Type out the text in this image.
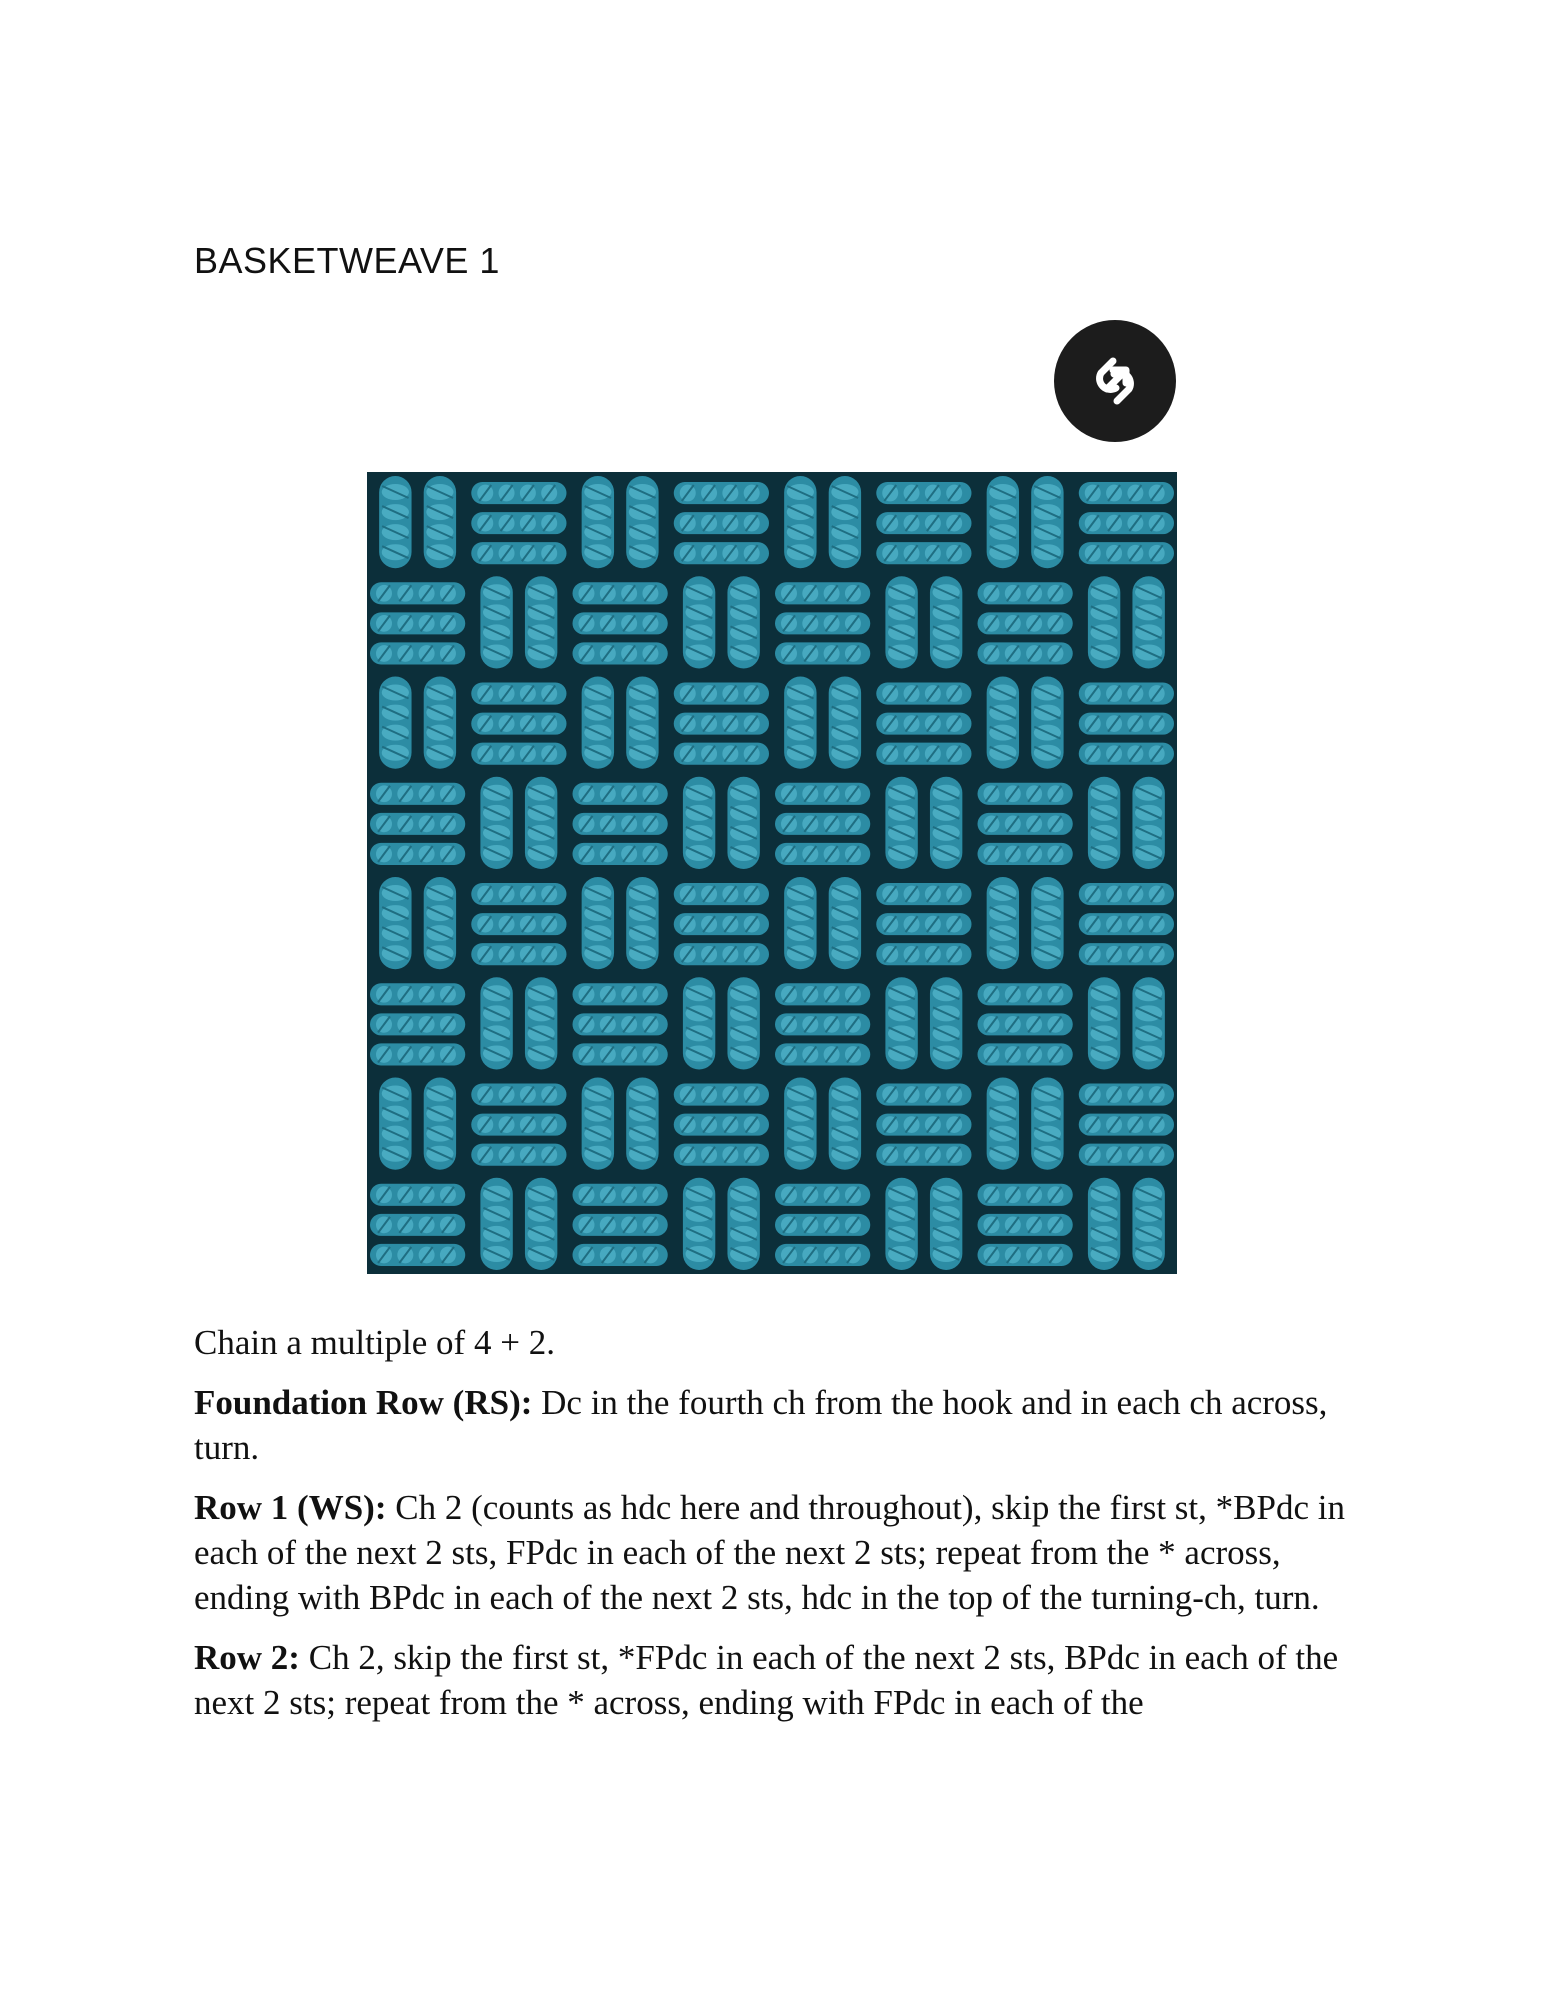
BASKETWEAVE 1

Chain a multiple of 4 + 2.

Foundation Row (RS): Dc in the fourth ch from the hook and in each ch across, turn.

Row 1 (WS): Ch 2 (counts as hdc here and throughout), skip the first st, *BPdc in each of the next 2 sts, FPdc in each of the next 2 sts; repeat from the * across, ending with BPdc in each of the next 2 sts, hdc in the top of the turning-ch, turn.

Row 2: Ch 2, skip the first st, *FPdc in each of the next 2 sts, BPdc in each of the next 2 sts; repeat from the * across, ending with FPdc in each of the
